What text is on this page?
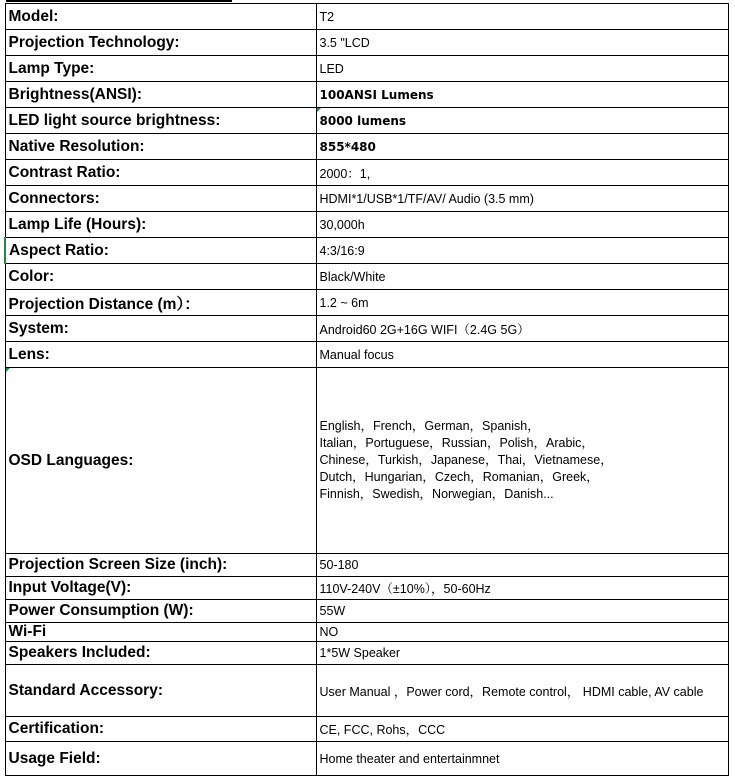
Model:	T2
Projection Technology:	3.5 "LCD
Lamp Type:	LED
Brightness(ANSI):	100ANSI Lumens
LED light source brightness:	8000 lumens
Native Resolution:	855*480
Contrast Ratio:	2000：1,
Connectors:	HDMI*1/USB*1/TF/AV/ Audio (3.5 mm)
Lamp Life (Hours):	30,000h
Aspect Ratio:	4:3/16:9
Color:	Black/White
Projection Distance (m）：	1.2 ~ 6m
System:	Android60 2G+16G WIFI（2.4G 5G）
Lens:	Manual focus
OSD Languages:	English，French，German，Spanish，
Italian，Portuguese，Russian，Polish，Arabic，
Chinese，Turkish，Japanese，Thai，Vietnamese，
Dutch，Hungarian，Czech，Romanian，Greek，
Finnish，Swedish，Norwegian，Danish...

Projection Screen Size (inch):	50-180
Input Voltage(V):	110V-240V（±10%），50-60Hz
Power Consumption (W):	55W
Wi-Fi	NO
Speakers Included:	1*5W Speaker
Standard Accessory:	User Manual ，Power cord，Remote control， HDMI cable, AV cable
Certification:	CE, FCC, Rohs，CCC
Usage Field:	Home theater and entertainmnet
